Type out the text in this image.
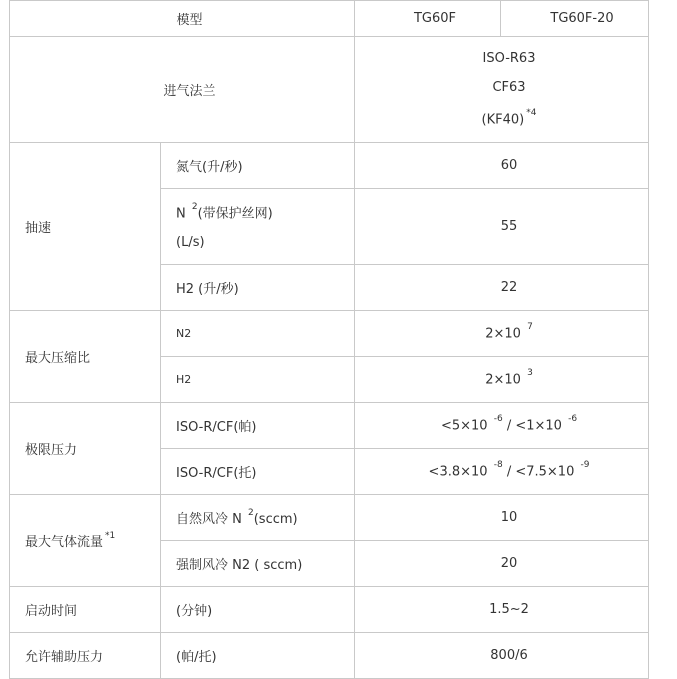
模型		TG60F	TG60F-20
进气法兰		ISO-R63
CF63
(KF40) $^{*4}$

抽速	氮气(升/秒)	60	

	N $^2$(带保护丝网)
(L/s)	55	
	H2 (升/秒)	22	
最大压缩比	N2	2×10 $^7$
	H2	2×10 $^3$
极限压力	ISO-R/CF(帕)	<5×10 $^{-6}$ / <1×10 $^{-6}$
	ISO-R/CF(托)	<3.8×10 $^{-8}$ / <7.5×10 $^{-9}$
最大气体流量 $^{*1}$	自然风冷 N $^2$(sccm)	10	
	强制风冷 N2 ( sccm)	20	
启动时间	(分钟)	1.5~2	
允许辅助压力	(帕/托)	800/6	
